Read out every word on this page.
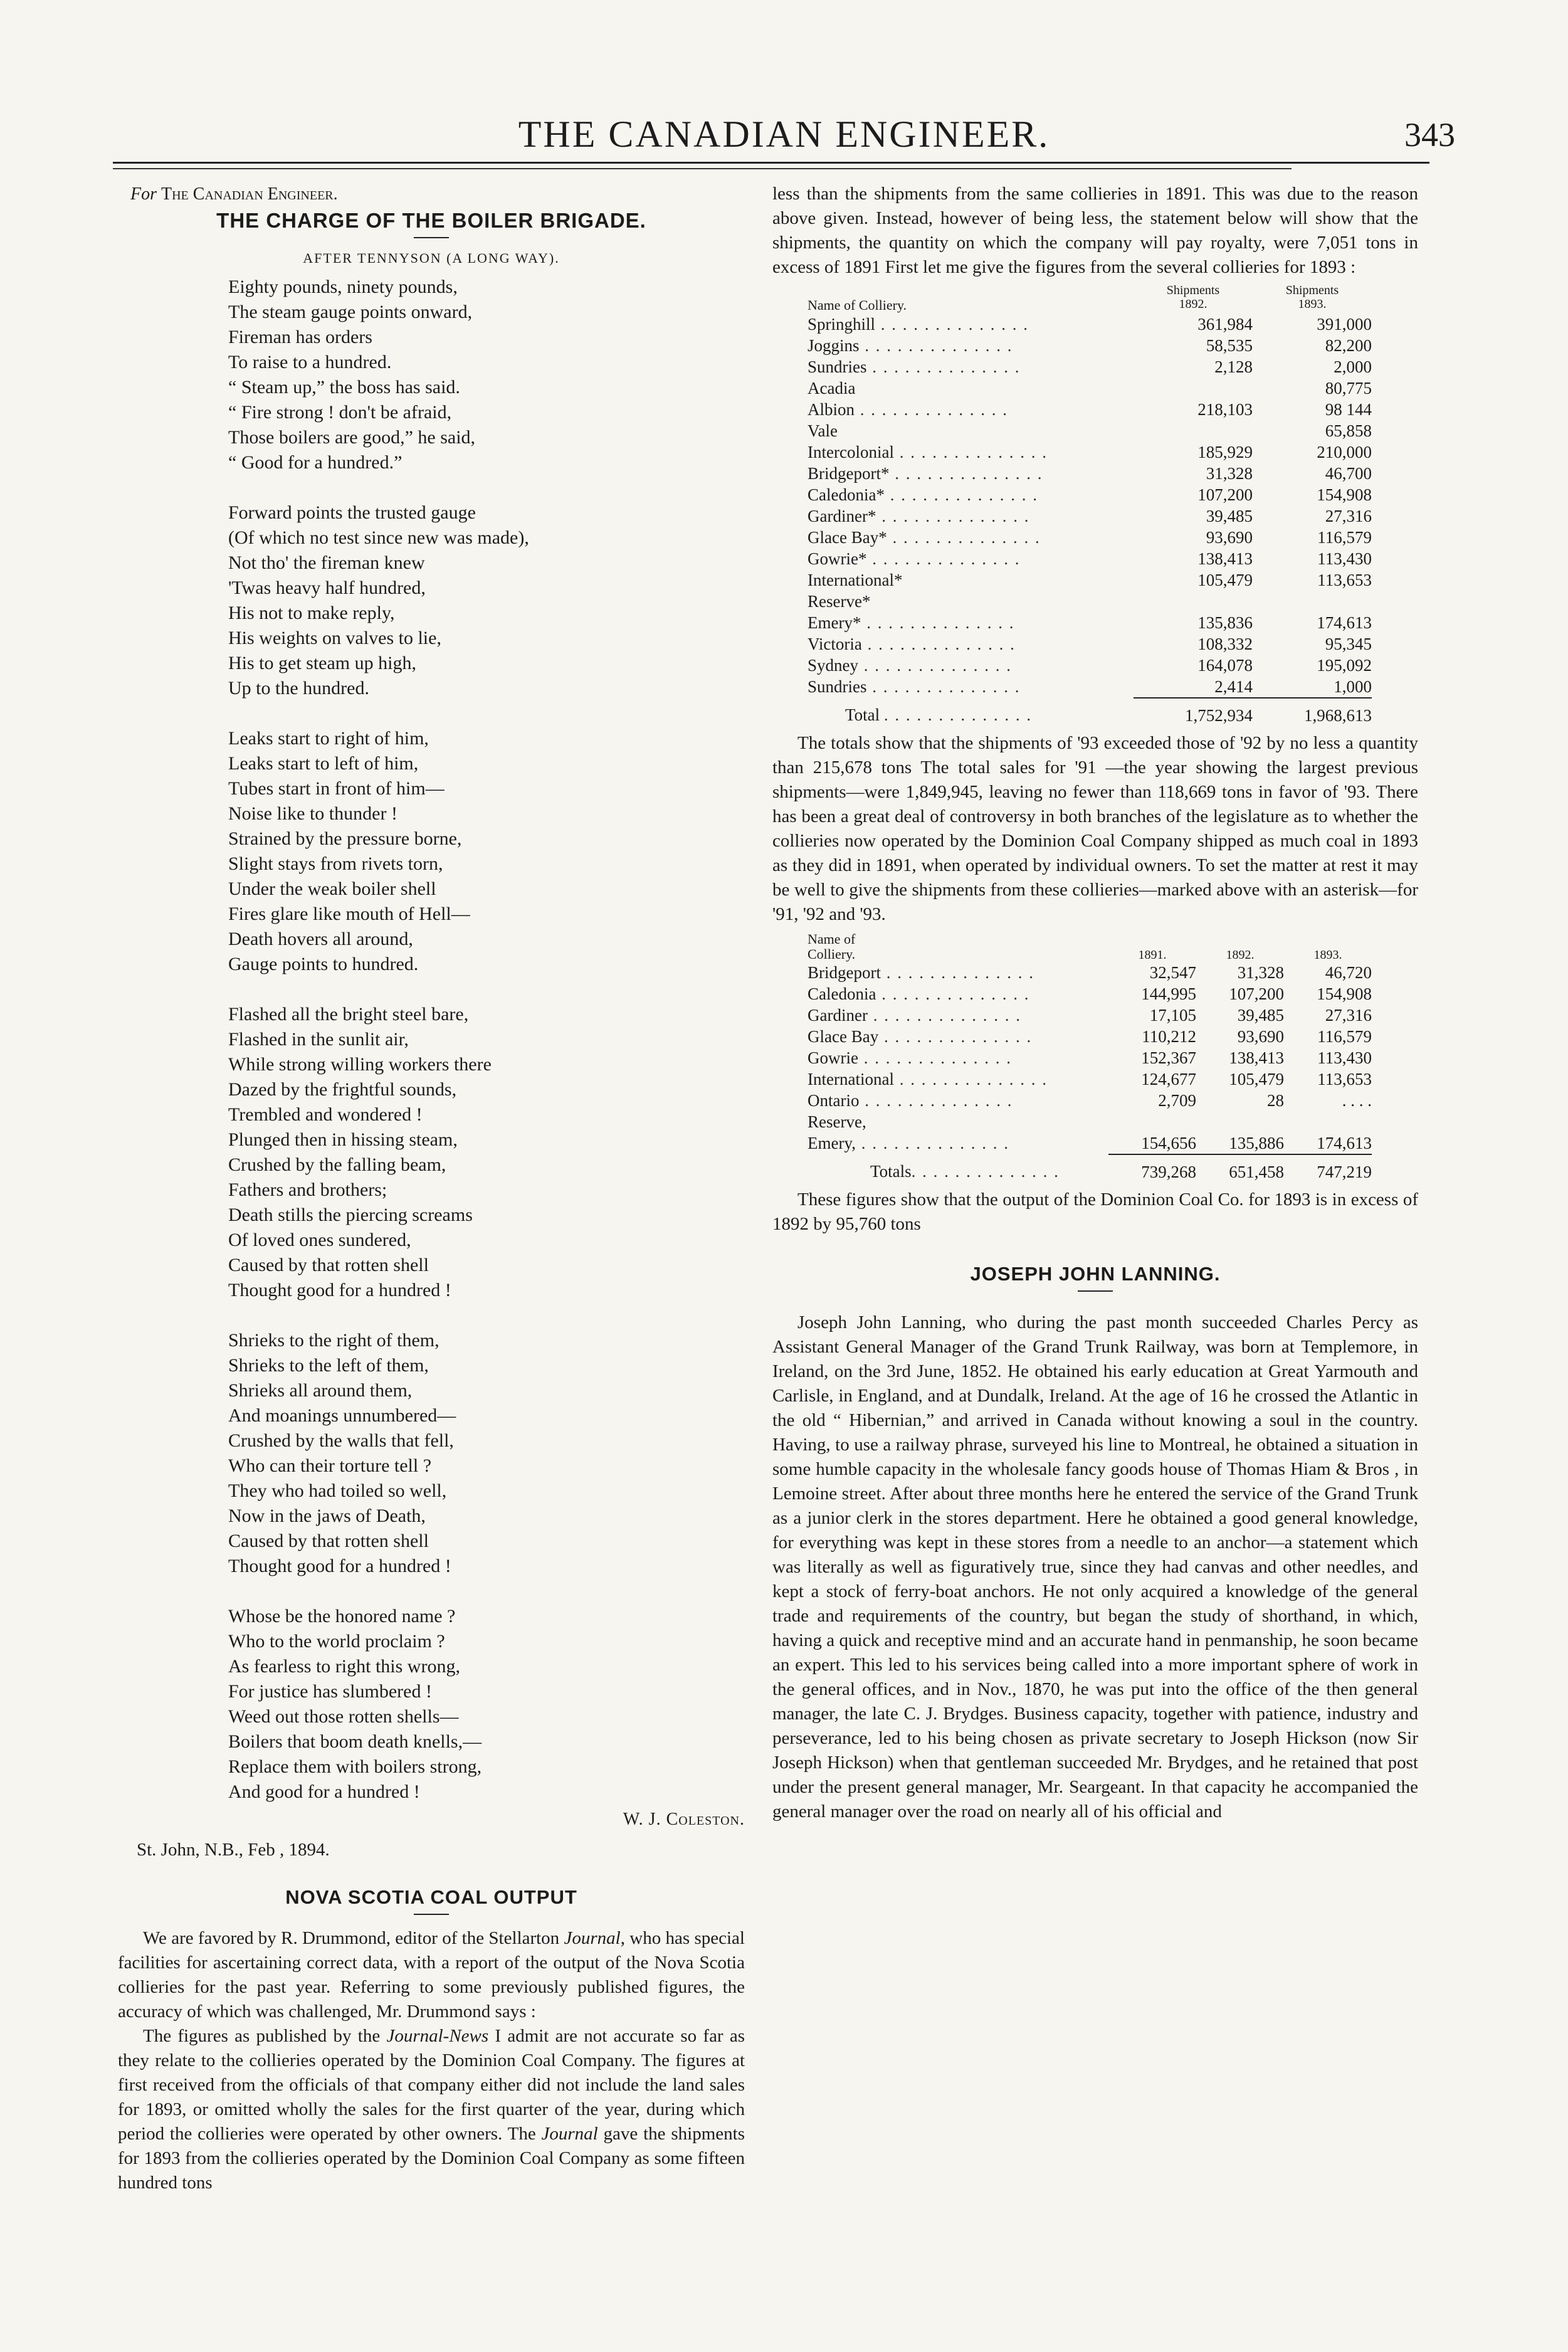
THE CANADIAN ENGINEER.	343
For The Canadian Engineer.
THE CHARGE OF THE BOILER BRIGADE.
AFTER TENNYSON (A LONG WAY).
Eighty pounds, ninety pounds,
The steam gauge points onward,
Fireman has orders
To raise to a hundred.
“ Steam up,” the boss has said.
“ Fire strong ! don't be afraid,
Those boilers are good,” he said,
“ Good for a hundred.”
Forward points the trusted gauge
(Of which no test since new was made),
Not tho' the fireman knew
'Twas heavy half hundred,
His not to make reply,
His weights on valves to lie,
His to get steam up high,
Up to the hundred.
Leaks start to right of him,
Leaks start to left of him,
Tubes start in front of him—
Noise like to thunder !
Strained by the pressure borne,
Slight stays from rivets torn,
Under the weak boiler shell
Fires glare like mouth of Hell—
Death hovers all around,
Gauge points to hundred.
Flashed all the bright steel bare,
Flashed in the sunlit air,
While strong willing workers there
Dazed by the frightful sounds,
Trembled and wondered !
Plunged then in hissing steam,
Crushed by the falling beam,
Fathers and brothers;
Death stills the piercing screams
Of loved ones sundered,
Caused by that rotten shell
Thought good for a hundred !
Shrieks to the right of them,
Shrieks to the left of them,
Shrieks all around them,
And moanings unnumbered—
Crushed by the walls that fell,
Who can their torture tell ?
They who had toiled so well,
Now in the jaws of Death,
Caused by that rotten shell
Thought good for a hundred !
Whose be the honored name ?
Who to the world proclaim ?
As fearless to right this wrong,
For justice has slumbered !
Weed out those rotten shells—
Boilers that boom death knells,—
Replace them with boilers strong,
And good for a hundred !
W. J. Coleston.
St. John, N.B., Feb , 1894.
NOVA SCOTIA COAL OUTPUT

We are favored by R. Drummond, editor of the Stellarton Journal, who has special facilities for ascertaining correct data, with a report of the output of the Nova Scotia collieries for the past year. Referring to some previously published figures, the accuracy of which was challenged, Mr. Drummond says :

The figures as published by the Journal-News I admit are not accurate so far as they relate to the collieries operated by the Dominion Coal Company. The figures at first received from the officials of that company either did not include the land sales for 1893, or omitted wholly the sales for the first quarter of the year, during which period the collieries were operated by other owners. The Journal gave the shipments for 1893 from the collieries operated by the Dominion Coal Company as some fifteen hundred tons

less than the shipments from the same collieries in 1891. This was due to the reason above given. Instead, however of being less, the statement below will show that the shipments, the quantity on which the company will pay royalty, were 7,051 tons in excess of 1891 First let me give the figures from the several collieries for 1893 :

	Shipments	Shipments
Name of Colliery.	1892.	1893.
Springhill . . . . . . . . . . . . . .	361,984	391,000
Joggins . . . . . . . . . . . . . .	58,535	82,200
Sundries . . . . . . . . . . . . . .	2,128	2,000
Acadia		80,775
Albion . . . . . . . . . . . . . .	218,103	98 144
Vale		65,858
Intercolonial . . . . . . . . . . . . . .	185,929	210,000
Bridgeport* . . . . . . . . . . . . . .	31,328	46,700
Caledonia* . . . . . . . . . . . . . .	107,200	154,908
Gardiner* . . . . . . . . . . . . . .	39,485	27,316
Glace Bay* . . . . . . . . . . . . . .	93,690	116,579
Gowrie* . . . . . . . . . . . . . .	138,413	113,430
International*	105,479	113,653
Reserve*		
Emery* . . . . . . . . . . . . . .	135,836	174,613
Victoria . . . . . . . . . . . . . .	108,332	95,345
Sydney . . . . . . . . . . . . . .	164,078	195,092
Sundries . . . . . . . . . . . . . .	2,414	1,000
Total . . . . . . . . . . . . . .	1,752,934	1,968,613

The totals show that the shipments of '93 exceeded those of '92 by no less a quantity than 215,678 tons The total sales for '91 —the year showing the largest previous shipments—were 1,849,945, leaving no fewer than 118,669 tons in favor of '93. There has been a great deal of controversy in both branches of the legislature as to whether the collieries now operated by the Dominion Coal Company shipped as much coal in 1893 as they did in 1891, when operated by individual owners. To set the matter at rest it may be well to give the shipments from these collieries—marked above with an asterisk—for '91, '92 and '93.

Name of
Colliery.	1891.	1892.	1893.
Bridgeport . . . . . . . . . . . . . .	32,547	31,328	46,720
Caledonia . . . . . . . . . . . . . .	144,995	107,200	154,908
Gardiner . . . . . . . . . . . . . .	17,105	39,485	27,316
Glace Bay . . . . . . . . . . . . . .	110,212	93,690	116,579
Gowrie . . . . . . . . . . . . . .	152,367	138,413	113,430
International . . . . . . . . . . . . . .	124,677	105,479	113,653
Ontario . . . . . . . . . . . . . .	2,709	28	. . . .
Reserve,			
Emery, . . . . . . . . . . . . . .	154,656	135,886	174,613
Totals. . . . . . . . . . . . . .	739,268	651,458	747,219

These figures show that the output of the Dominion Coal Co. for 1893 is in excess of 1892 by 95,760 tons

JOSEPH JOHN LANNING.

Joseph John Lanning, who during the past month succeeded Charles Percy as Assistant General Manager of the Grand Trunk Railway, was born at Templemore, in Ireland, on the 3rd June, 1852. He obtained his early education at Great Yarmouth and Carlisle, in England, and at Dundalk, Ireland. At the age of 16 he crossed the Atlantic in the old “ Hibernian,” and arrived in Canada without knowing a soul in the country. Having, to use a railway phrase, surveyed his line to Montreal, he obtained a situation in some humble capacity in the wholesale fancy goods house of Thomas Hiam & Bros , in Lemoine street. After about three months here he entered the service of the Grand Trunk as a junior clerk in the stores department. Here he obtained a good general knowledge, for everything was kept in these stores from a needle to an anchor—a statement which was literally as well as figuratively true, since they had canvas and other needles, and kept a stock of ferry-boat anchors. He not only acquired a knowledge of the general trade and requirements of the country, but began the study of shorthand, in which, having a quick and receptive mind and an accurate hand in penmanship, he soon became an expert. This led to his services being called into a more important sphere of work in the general offices, and in Nov., 1870, he was put into the office of the then general manager, the late C. J. Brydges. Business capacity, together with patience, industry and perseverance, led to his being chosen as private secretary to Joseph Hickson (now Sir Joseph Hickson) when that gentleman succeeded Mr. Brydges, and he retained that post under the present general manager, Mr. Seargeant. In that capacity he accompanied the general manager over the road on nearly all of his official and
